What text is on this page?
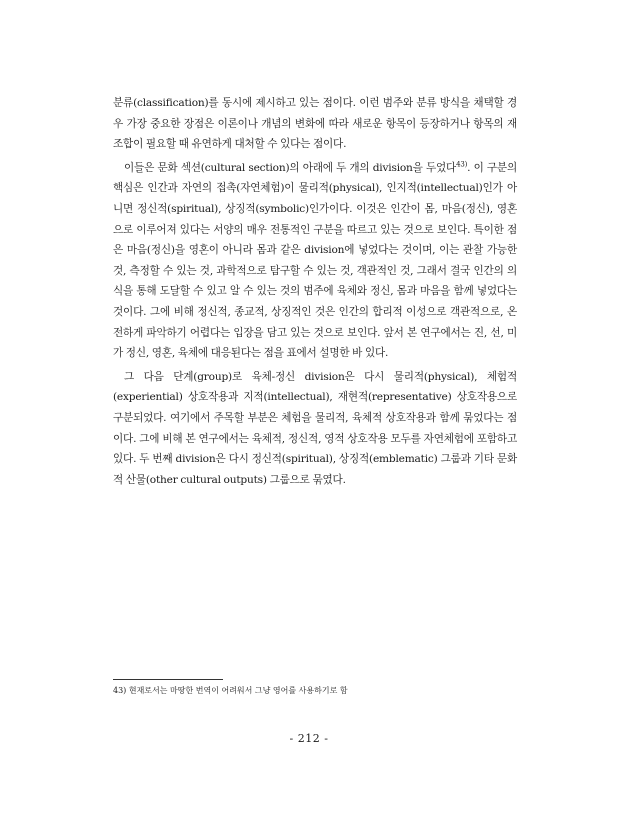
분류(classification)를 동시에 제시하고 있는 점이다. 이런 범주와 분류 방식을 채택할 경우 가장 중요한 장점은 이론이나 개념의 변화에 따라 새로운 항목이 등장하거나 항목의 재조합이 필요할 때 유연하게 대처할 수 있다는 점이다.

이들은 문화 섹션(cultural section)의 아래에 두 개의 division을 두었다$^{43)}$. 이 구분의 핵심은 인간과 자연의 접촉(자연체험)이 물리적(physical), 인지적(intellectual)인가 아니면 정신적(spiritual), 상징적(symbolic)인가이다. 이것은 인간이 몸, 마음(정신), 영혼으로 이루어져 있다는 서양의 매우 전통적인 구분을 따르고 있는 것으로 보인다. 특이한 점은 마음(정신)을 영혼이 아니라 몸과 같은 division에 넣었다는 것이며, 이는 관찰 가능한 것, 측정할 수 있는 것, 과학적으로 탐구할 수 있는 것, 객관적인 것, 그래서 결국 인간의 의식을 통해 도달할 수 있고 알 수 있는 것의 범주에 육체와 정신, 몸과 마음을 함께 넣었다는 것이다. 그에 비해 정신적, 종교적, 상징적인 것은 인간의 합리적 이성으로 객관적으로, 온전하게 파악하기 어렵다는 입장을 담고 있는 것으로 보인다. 앞서 본 연구에서는 진, 선, 미가 정신, 영혼, 육체에 대응된다는 점을 표에서 설명한 바 있다.

그 다음 단계(group)로 육체-정신 division은 다시 물리적(physical), 체험적(experiential) 상호작용과 지적(intellectual), 재현적(representative) 상호작용으로 구분되었다. 여기에서 주목할 부분은 체험을 물리적, 육체적 상호작용과 함께 묶었다는 점이다. 그에 비해 본 연구에서는 육체적, 정신적, 영적 상호작용 모두를 자연체험에 포함하고 있다. 두 번째 division은 다시 정신적(spiritual), 상징적(emblematic) 그룹과 기타 문화적 산물(other cultural outputs) 그룹으로 묶였다.

43) 현재로서는 마땅한 번역이 어려워서 그냥 영어를 사용하기로 함
- 212 -
